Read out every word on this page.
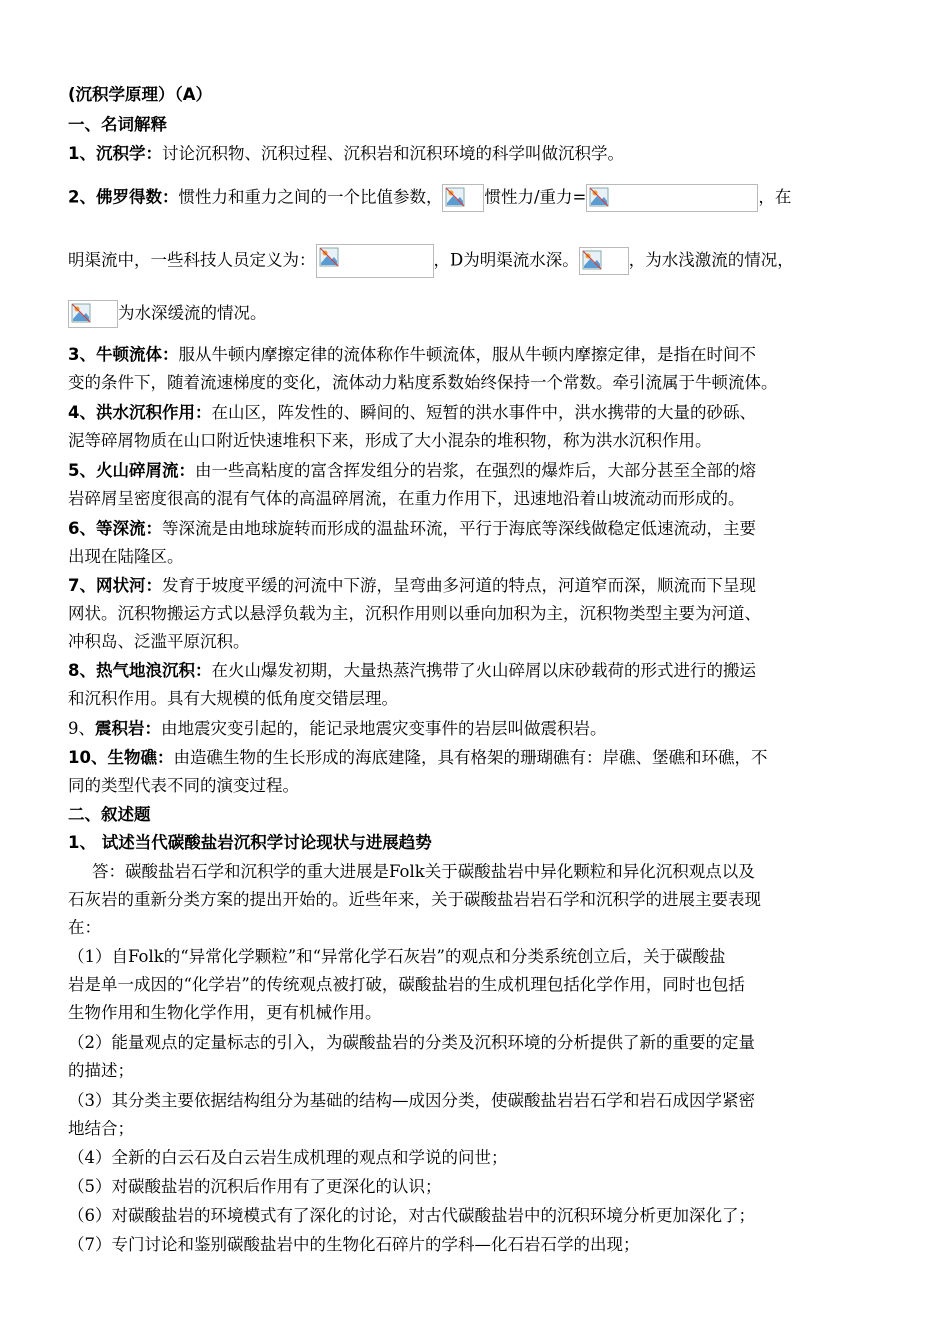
(沉积学原理）（A）
一、名词解释
1、沉积学：讨论沉积物、沉积过程、沉积岩和沉积环境的科学叫做沉积学。
2、佛罗得数：惯性力和重力之间的一个比值参数，	惯性力/重力=	，在
明渠流中，一些科技人员定义为：	，D为明渠流水深。	，为水浅激流的情况，
为水深缓流的情况。
3、牛顿流体：服从牛顿内摩擦定律的流体称作牛顿流体，服从牛顿内摩擦定律，是指在时间不
变的条件下，随着流速梯度的变化，流体动力粘度系数始终保持一个常数。牵引流属于牛顿流体。
4、洪水沉积作用：在山区，阵发性的、瞬间的、短暂的洪水事件中，洪水携带的大量的砂砾、
泥等碎屑物质在山口附近快速堆积下来，形成了大小混杂的堆积物，称为洪水沉积作用。
5、火山碎屑流：由一些高粘度的富含挥发组分的岩浆，在强烈的爆炸后，大部分甚至全部的熔
岩碎屑呈密度很高的混有气体的高温碎屑流，在重力作用下，迅速地沿着山坡流动而形成的。
6、等深流：等深流是由地球旋转而形成的温盐环流，平行于海底等深线做稳定低速流动，主要
出现在陆隆区。
7、网状河：发育于坡度平缓的河流中下游，呈弯曲多河道的特点，河道窄而深，顺流而下呈现
网状。沉积物搬运方式以悬浮负载为主，沉积作用则以垂向加积为主，沉积物类型主要为河道、
冲积岛、泛滥平原沉积。
8、热气地浪沉积：在火山爆发初期，大量热蒸汽携带了火山碎屑以床砂载荷的形式进行的搬运
和沉积作用。具有大规模的低角度交错层理。
9、震积岩：由地震灾变引起的，能记录地震灾变事件的岩层叫做震积岩。
10、生物礁：由造礁生物的生长形成的海底建隆，具有格架的珊瑚礁有：岸礁、堡礁和环礁，不
同的类型代表不同的演变过程。
二、叙述题
1、 试述当代碳酸盐岩沉积学讨论现状与进展趋势
答：碳酸盐岩石学和沉积学的重大进展是Folk关于碳酸盐岩中异化颗粒和异化沉积观点以及
石灰岩的重新分类方案的提出开始的。近些年来，关于碳酸盐岩岩石学和沉积学的进展主要表现
在：
（1）自Folk的“异常化学颗粒”和“异常化学石灰岩”的观点和分类系统创立后，关于碳酸盐
岩是单一成因的“化学岩”的传统观点被打破，碳酸盐岩的生成机理包括化学作用，同时也包括
生物作用和生物化学作用，更有机械作用。
（2）能量观点的定量标志的引入，为碳酸盐岩的分类及沉积环境的分析提供了新的重要的定量
的描述；
（3）其分类主要依据结构组分为基础的结构—成因分类，使碳酸盐岩岩石学和岩石成因学紧密
地结合；
（4）全新的白云石及白云岩生成机理的观点和学说的问世；
（5）对碳酸盐岩的沉积后作用有了更深化的认识；
（6）对碳酸盐岩的环境模式有了深化的讨论，对古代碳酸盐岩中的沉积环境分析更加深化了；
（7）专门讨论和鉴别碳酸盐岩中的生物化石碎片的学科—化石岩石学的出现；
